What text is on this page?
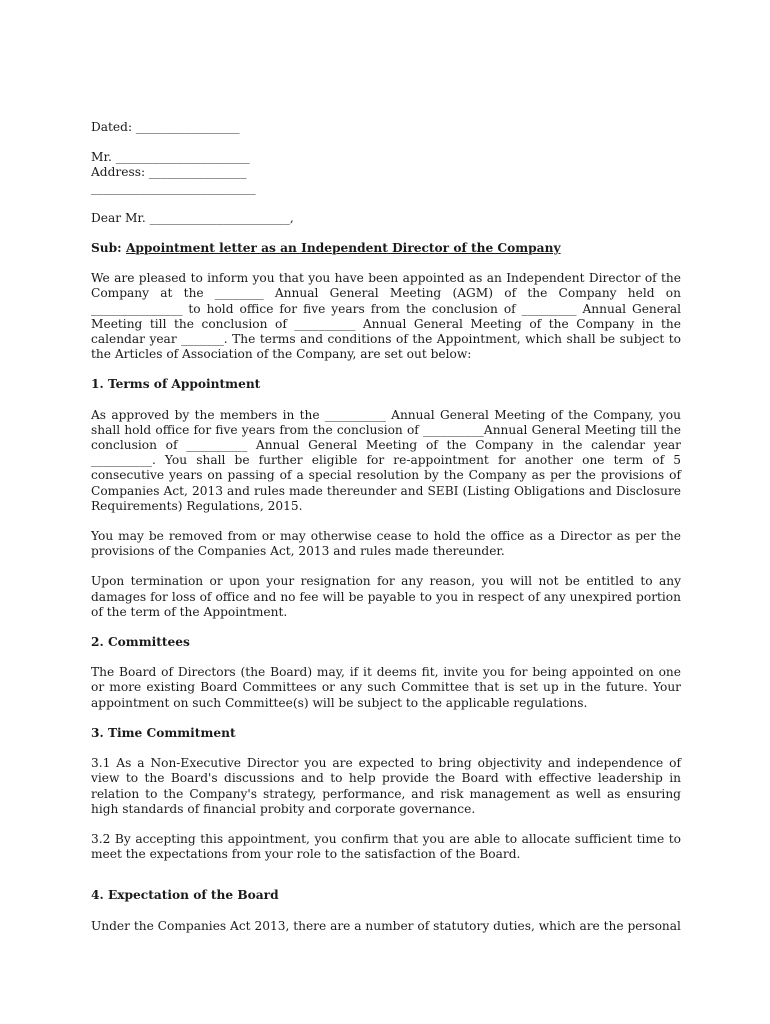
Dated: _________________

Mr. ______________________

Address: ________________

___________________________

Dear Mr. _______________________,

Sub: Appointment letter as an Independent Director of the Company

We are pleased to inform you that you have been appointed as an Independent Director of the Company at the ________ Annual General Meeting (AGM) of the Company held on _______________ to hold office for five years from the conclusion of _________ Annual General Meeting till the conclusion of __________ Annual General Meeting of the Company in the calendar year _______. The terms and conditions of the Appointment, which shall be subject to the Articles of Association of the Company, are set out below:

1. Terms of Appointment

As approved by the members in the __________ Annual General Meeting of the Company, you shall hold office for five years from the conclusion of __________Annual General Meeting till the conclusion of __________ Annual General Meeting of the Company in the calendar year __________. You shall be further eligible for re-appointment for another one term of 5 consecutive years on passing of a special resolution by the Company as per the provisions of Companies Act, 2013 and rules made thereunder and SEBI (Listing Obligations and Disclosure Requirements) Regulations, 2015.

You may be removed from or may otherwise cease to hold the office as a Director as per the provisions of the Companies Act, 2013 and rules made thereunder.

Upon termination or upon your resignation for any reason, you will not be entitled to any damages for loss of office and no fee will be payable to you in respect of any unexpired portion of the term of the Appointment.

2. Committees

The Board of Directors (the Board) may, if it deems fit, invite you for being appointed on one or more existing Board Committees or any such Committee that is set up in the future. Your appointment on such Committee(s) will be subject to the applicable regulations.

3. Time Commitment

3.1 As a Non-Executive Director you are expected to bring objectivity and independence of view to the Board's discussions and to help provide the Board with effective leadership in relation to the Company's strategy, performance, and risk management as well as ensuring high standards of financial probity and corporate governance.

3.2 By accepting this appointment, you confirm that you are able to allocate sufficient time to meet the expectations from your role to the satisfaction of the Board.

4. Expectation of the Board

Under the Companies Act 2013, there are a number of statutory duties, which are the personal
